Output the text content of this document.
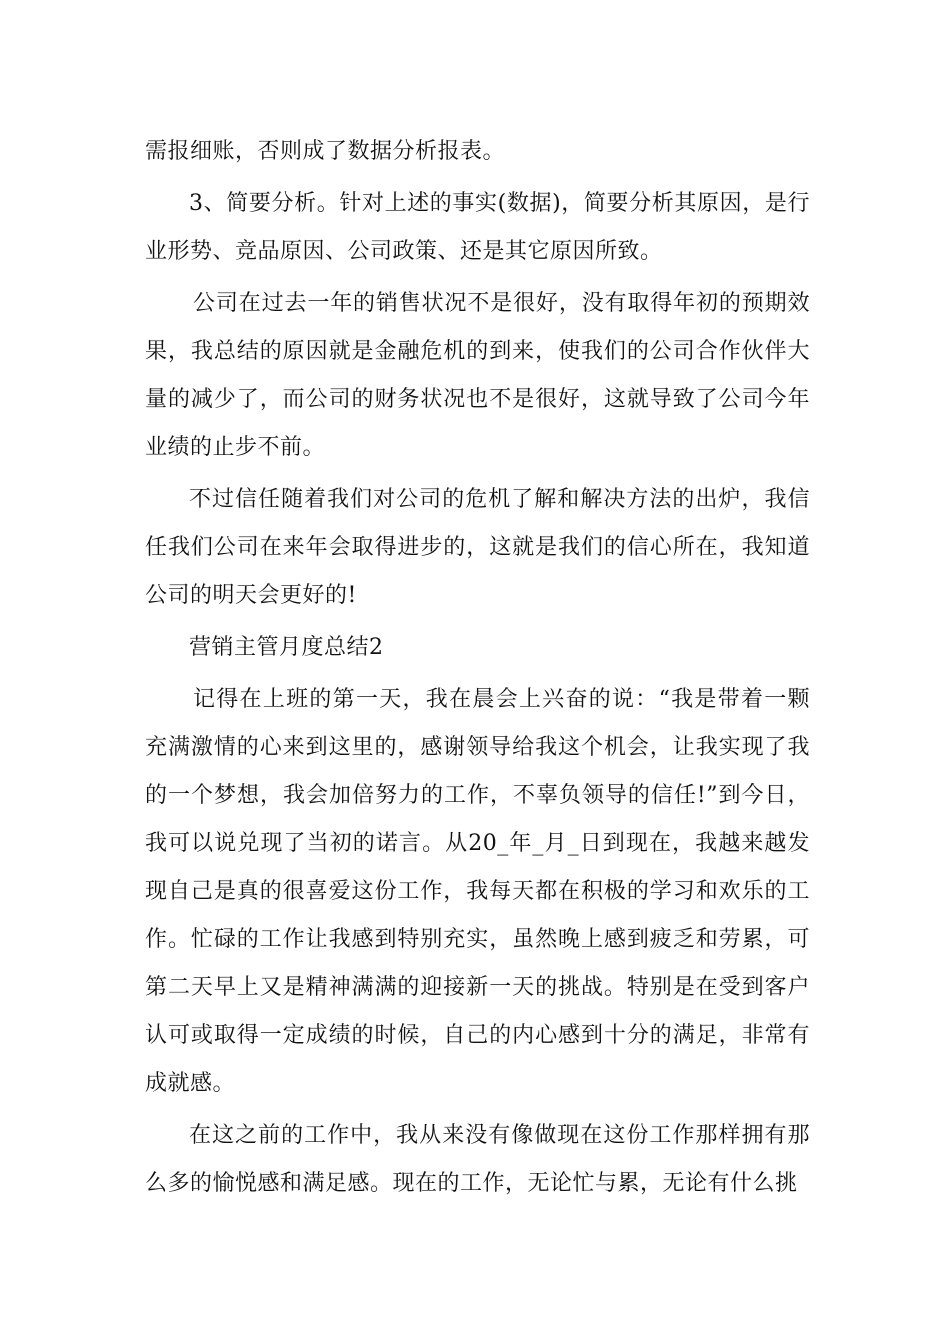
需报细账，否则成了数据分析报表。

3、简要分析。针对上述的事实(数据)，简要分析其原因，是行业形势、竞品原因、公司政策、还是其它原因所致。

公司在过去一年的销售状况不是很好，没有取得年初的预期效果，我总结的原因就是金融危机的到来，使我们的公司合作伙伴大量的减少了，而公司的财务状况也不是很好，这就导致了公司今年业绩的止步不前。

不过信任随着我们对公司的危机了解和解决方法的出炉，我信任我们公司在来年会取得进步的，这就是我们的信心所在，我知道公司的明天会更好的!

营销主管月度总结2

记得在上班的第一天，我在晨会上兴奋的说：“我是带着一颗充满激情的心来到这里的，感谢领导给我这个机会，让我实现了我的一个梦想，我会加倍努力的工作，不辜负领导的信任!”到今日，我可以说兑现了当初的诺言。从20_年_月_日到现在，我越来越发现自己是真的很喜爱这份工作，我每天都在积极的学习和欢乐的工作。忙碌的工作让我感到特别充实，虽然晚上感到疲乏和劳累，可第二天早上又是精神满满的迎接新一天的挑战。特别是在受到客户认可或取得一定成绩的时候，自己的内心感到十分的满足，非常有成就感。

在这之前的工作中，我从来没有像做现在这份工作那样拥有那么多的愉悦感和满足感。现在的工作，无论忙与累，无论有什么挑
